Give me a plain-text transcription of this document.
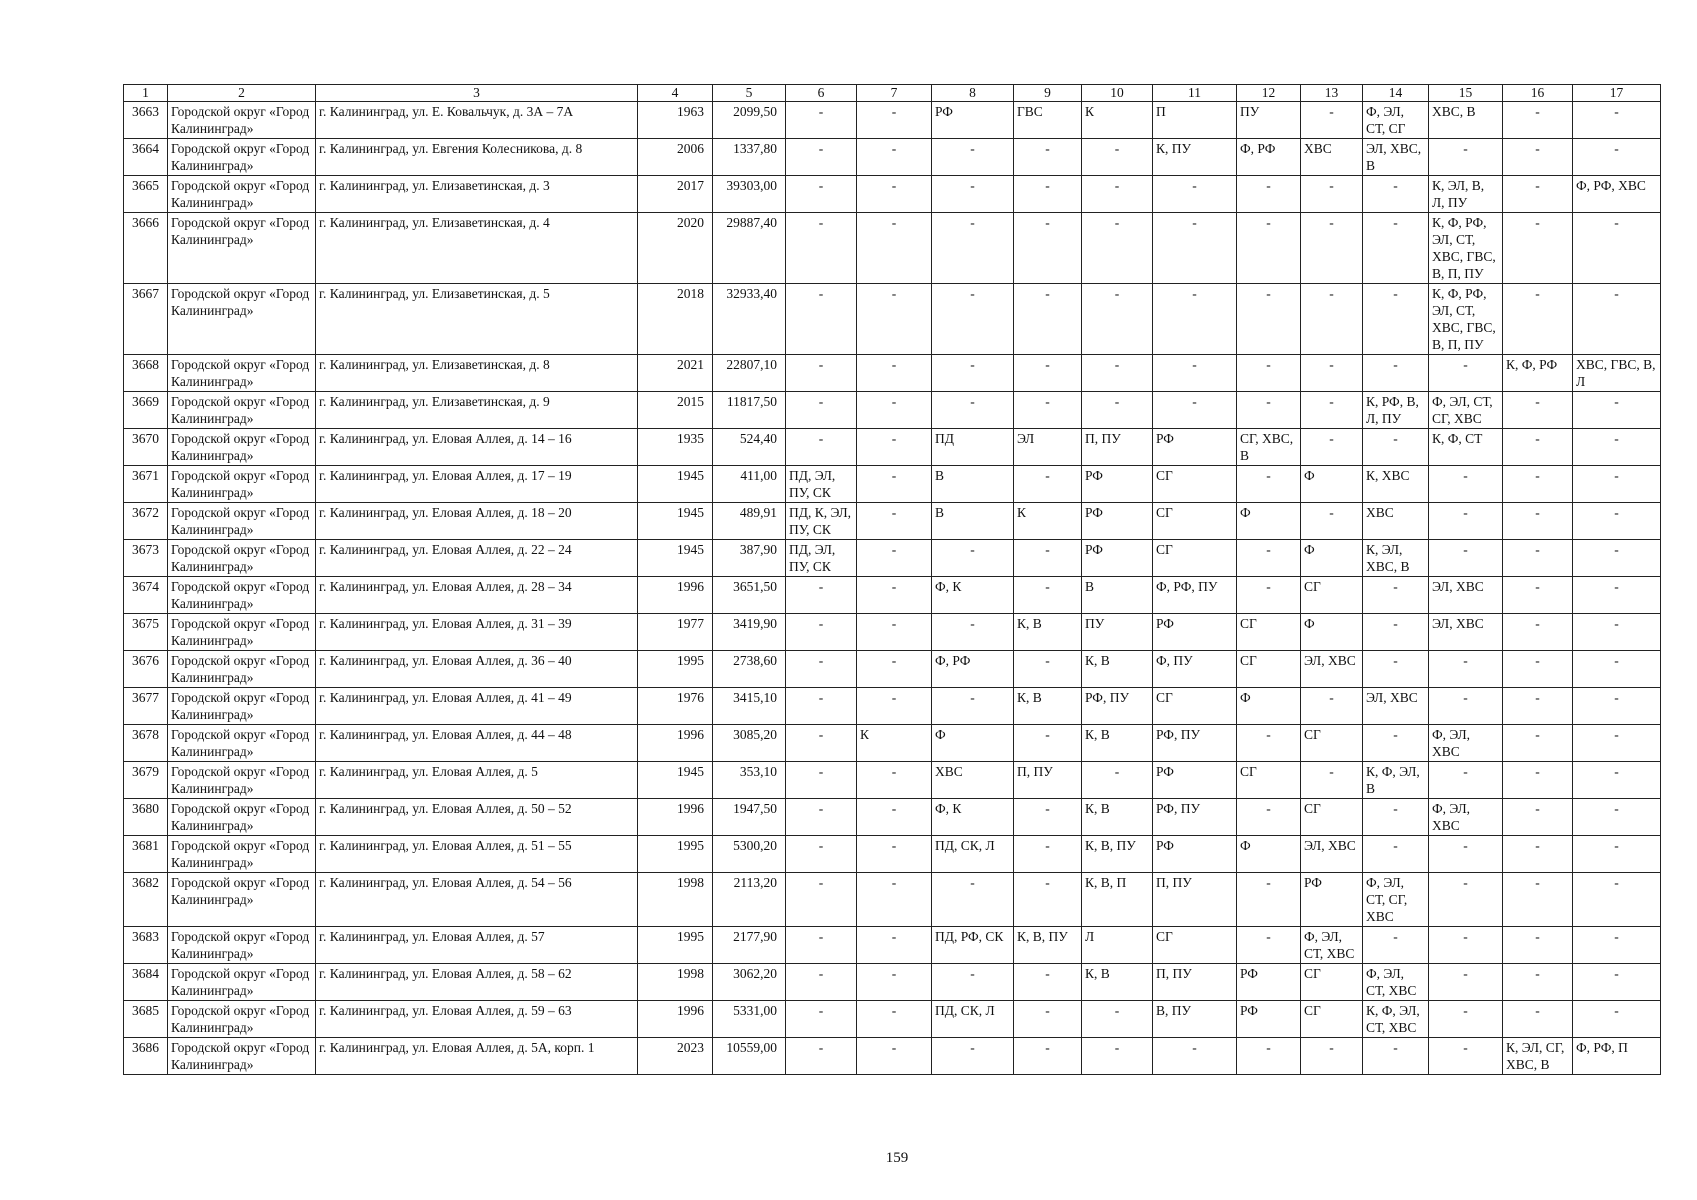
1	2	3	4	5	6	7	8	9	10	11	12	13	14	15	16	17
3663	Городской округ «Город Калининград»	г. Калининград, ул. Е. Ковальчук, д. 3А – 7А	1963	2099,50	-	-	РФ	ГВС	К	П	ПУ	-	Ф, ЭЛ, СТ, СГ	ХВС, В	-	-
3664	Городской округ «Город Калининград»	г. Калининград, ул. Евгения Колесникова, д. 8	2006	1337,80	-	-	-	-	-	К, ПУ	Ф, РФ	ХВС	ЭЛ, ХВС, В	-	-	-
3665	Городской округ «Город Калининград»	г. Калининград, ул. Елизаветинская, д. 3	2017	39303,00	-	-	-	-	-	-	-	-	-	К, ЭЛ, В, Л, ПУ	-	Ф, РФ, ХВС
3666	Городской округ «Город Калининград»	г. Калининград, ул. Елизаветинская, д. 4	2020	29887,40	-	-	-	-	-	-	-	-	-	К, Ф, РФ, ЭЛ, СТ, ХВС, ГВС, В, П, ПУ	-	-
3667	Городской округ «Город Калининград»	г. Калининград, ул. Елизаветинская, д. 5	2018	32933,40	-	-	-	-	-	-	-	-	-	К, Ф, РФ, ЭЛ, СТ, ХВС, ГВС, В, П, ПУ	-	-
3668	Городской округ «Город Калининград»	г. Калининград, ул. Елизаветинская, д. 8	2021	22807,10	-	-	-	-	-	-	-	-	-	-	К, Ф, РФ	ХВС, ГВС, В, Л
3669	Городской округ «Город Калининград»	г. Калининград, ул. Елизаветинская, д. 9	2015	11817,50	-	-	-	-	-	-	-	-	К, РФ, В, Л, ПУ	Ф, ЭЛ, СТ, СГ, ХВС	-	-
3670	Городской округ «Город Калининград»	г. Калининград, ул. Еловая Аллея, д. 14 – 16	1935	524,40	-	-	ПД	ЭЛ	П, ПУ	РФ	СГ, ХВС, В	-	-	К, Ф, СТ	-	-
3671	Городской округ «Город Калининград»	г. Калининград, ул. Еловая Аллея, д. 17 – 19	1945	411,00	ПД, ЭЛ, ПУ, СК	-	В	-	РФ	СГ	-	Ф	К, ХВС	-	-	-
3672	Городской округ «Город Калининград»	г. Калининград, ул. Еловая Аллея, д. 18 – 20	1945	489,91	ПД, К, ЭЛ, ПУ, СК	-	В	К	РФ	СГ	Ф	-	ХВС	-	-	-
3673	Городской округ «Город Калининград»	г. Калининград, ул. Еловая Аллея, д. 22 – 24	1945	387,90	ПД, ЭЛ, ПУ, СК	-	-	-	РФ	СГ	-	Ф	К, ЭЛ, ХВС, В	-	-	-
3674	Городской округ «Город Калининград»	г. Калининград, ул. Еловая Аллея, д. 28 – 34	1996	3651,50	-	-	Ф, К	-	В	Ф, РФ, ПУ	-	СГ	-	ЭЛ, ХВС	-	-
3675	Городской округ «Город Калининград»	г. Калининград, ул. Еловая Аллея, д. 31 – 39	1977	3419,90	-	-	-	К, В	ПУ	РФ	СГ	Ф	-	ЭЛ, ХВС	-	-
3676	Городской округ «Город Калининград»	г. Калининград, ул. Еловая Аллея, д. 36 – 40	1995	2738,60	-	-	Ф, РФ	-	К, В	Ф, ПУ	СГ	ЭЛ, ХВС	-	-	-	-
3677	Городской округ «Город Калининград»	г. Калининград, ул. Еловая Аллея, д. 41 – 49	1976	3415,10	-	-	-	К, В	РФ, ПУ	СГ	Ф	-	ЭЛ, ХВС	-	-	-
3678	Городской округ «Город Калининград»	г. Калининград, ул. Еловая Аллея, д. 44 – 48	1996	3085,20	-	К	Ф	-	К, В	РФ, ПУ	-	СГ	-	Ф, ЭЛ, ХВС	-	-
3679	Городской округ «Город Калининград»	г. Калининград, ул. Еловая Аллея, д. 5	1945	353,10	-	-	ХВС	П, ПУ	-	РФ	СГ	-	К, Ф, ЭЛ, В	-	-	-
3680	Городской округ «Город Калининград»	г. Калининград, ул. Еловая Аллея, д. 50 – 52	1996	1947,50	-	-	Ф, К	-	К, В	РФ, ПУ	-	СГ	-	Ф, ЭЛ, ХВС	-	-
3681	Городской округ «Город Калининград»	г. Калининград, ул. Еловая Аллея, д. 51 – 55	1995	5300,20	-	-	ПД, СК, Л	-	К, В, ПУ	РФ	Ф	ЭЛ, ХВС	-	-	-	-
3682	Городской округ «Город Калининград»	г. Калининград, ул. Еловая Аллея, д. 54 – 56	1998	2113,20	-	-	-	-	К, В, П	П, ПУ	-	РФ	Ф, ЭЛ, СТ, СГ, ХВС	-	-	-
3683	Городской округ «Город Калининград»	г. Калининград, ул. Еловая Аллея, д. 57	1995	2177,90	-	-	ПД, РФ, СК	К, В, ПУ	Л	СГ	-	Ф, ЭЛ, СТ, ХВС	-	-	-	-
3684	Городской округ «Город Калининград»	г. Калининград, ул. Еловая Аллея, д. 58 – 62	1998	3062,20	-	-	-	-	К, В	П, ПУ	РФ	СГ	Ф, ЭЛ, СТ, ХВС	-	-	-
3685	Городской округ «Город Калининград»	г. Калининград, ул. Еловая Аллея, д. 59 – 63	1996	5331,00	-	-	ПД, СК, Л	-	-	В, ПУ	РФ	СГ	К, Ф, ЭЛ, СТ, ХВС	-	-	-
3686	Городской округ «Город Калининград»	г. Калининград, ул. Еловая Аллея, д. 5А, корп. 1	2023	10559,00	-	-	-	-	-	-	-	-	-	-	К, ЭЛ, СГ, ХВС, В	Ф, РФ, П
159
